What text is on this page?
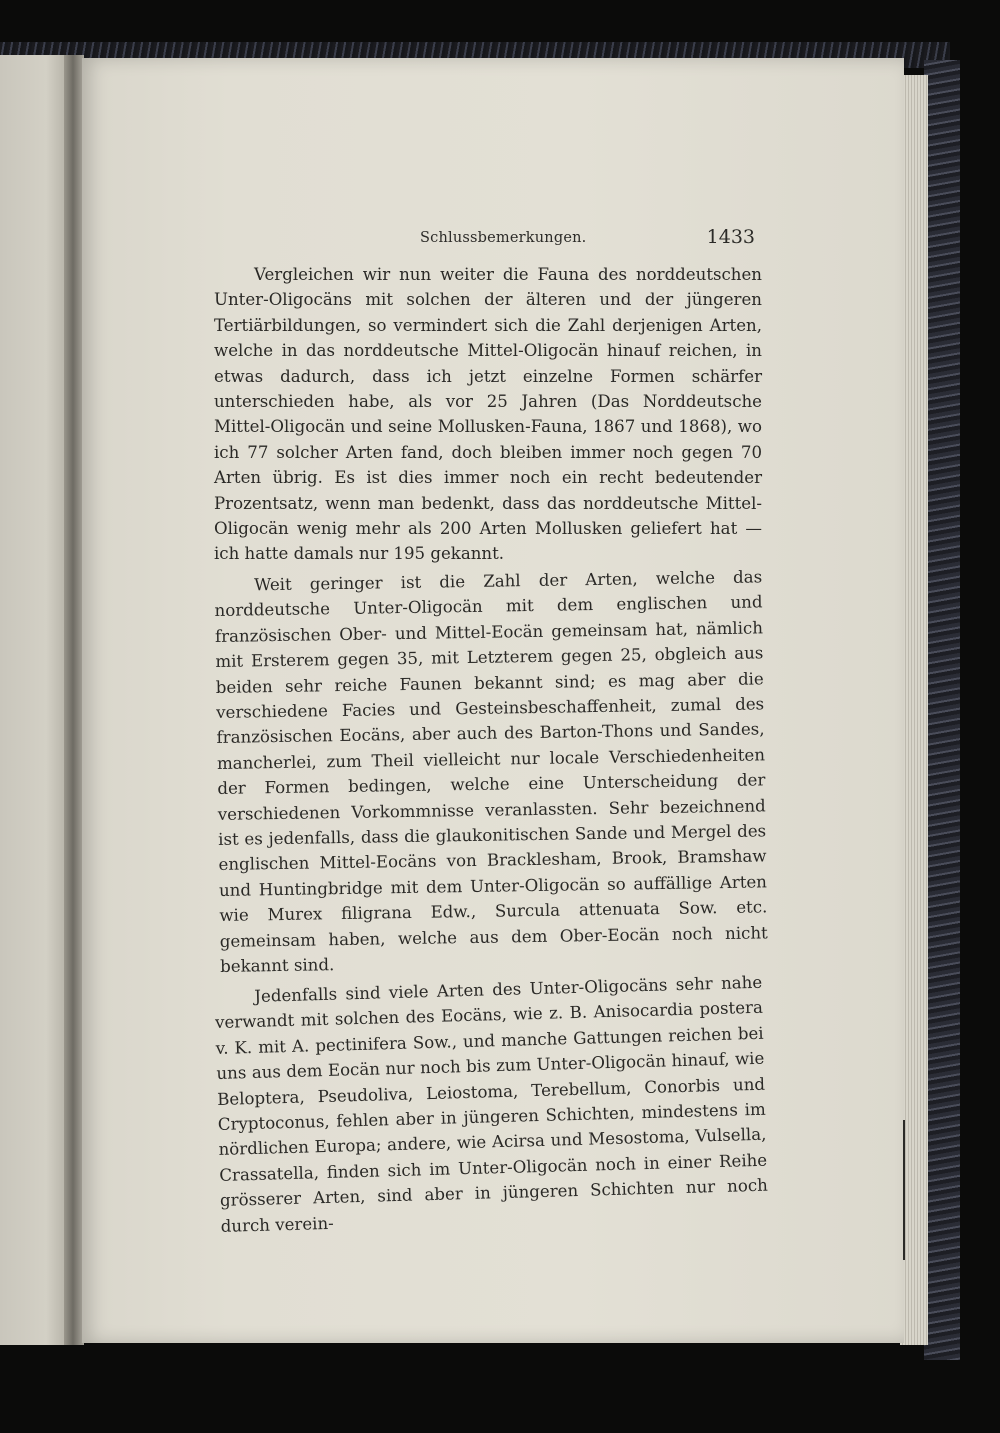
Schlussbemerkungen.	1433

Vergleichen wir nun weiter die Fauna des norddeutschen Unter-Oligocäns mit solchen der älteren und der jüngeren Tertiärbildungen, so vermindert sich die Zahl derjenigen Arten, welche in das norddeutsche Mittel-Oligocän hinauf reichen, in etwas dadurch, dass ich jetzt einzelne Formen schärfer unterschieden habe, als vor 25 Jahren (Das Norddeutsche Mittel-Oligocän und seine Mollusken-Fauna, 1867 und 1868), wo ich 77 solcher Arten fand, doch bleiben immer noch gegen 70 Arten übrig. Es ist dies immer noch ein recht bedeutender Prozentsatz, wenn man bedenkt, dass das norddeutsche Mittel-Oligocän wenig mehr als 200 Arten Mollusken geliefert hat — ich hatte damals nur 195 gekannt.

Weit geringer ist die Zahl der Arten, welche das norddeutsche Unter-Oligocän mit dem englischen und französischen Ober- und Mittel-Eocän gemeinsam hat, nämlich mit Ersterem gegen 35, mit Letzterem gegen 25, obgleich aus beiden sehr reiche Faunen bekannt sind; es mag aber die verschiedene Facies und Gesteinsbeschaffenheit, zumal des französischen Eocäns, aber auch des Barton-Thons und Sandes, mancherlei, zum Theil vielleicht nur locale Verschiedenheiten der Formen bedingen, welche eine Unterscheidung der verschiedenen Vorkommnisse veranlassten. Sehr bezeichnend ist es jedenfalls, dass die glaukonitischen Sande und Mergel des englischen Mittel-Eocäns von Bracklesham, Brook, Bramshaw und Huntingbridge mit dem Unter-Oligocän so auffällige Arten wie Murex filigrana Edw., Surcula attenuata Sow. etc. gemeinsam haben, welche aus dem Ober-Eocän noch nicht bekannt sind.

Jedenfalls sind viele Arten des Unter-Oligocäns sehr nahe verwandt mit solchen des Eocäns, wie z. B. Anisocardia postera v. K. mit A. pectinifera Sow., und manche Gattungen reichen bei uns aus dem Eocän nur noch bis zum Unter-Oligocän hinauf, wie Beloptera, Pseudoliva, Leiostoma, Terebellum, Conorbis und Cryptoconus, fehlen aber in jüngeren Schichten, mindestens im nördlichen Europa; andere, wie Acirsa und Mesostoma, Vulsella, Crassatella, finden sich im Unter-Oligocän noch in einer Reihe grösserer Arten, sind aber in jüngeren Schichten nur noch durch verein-
